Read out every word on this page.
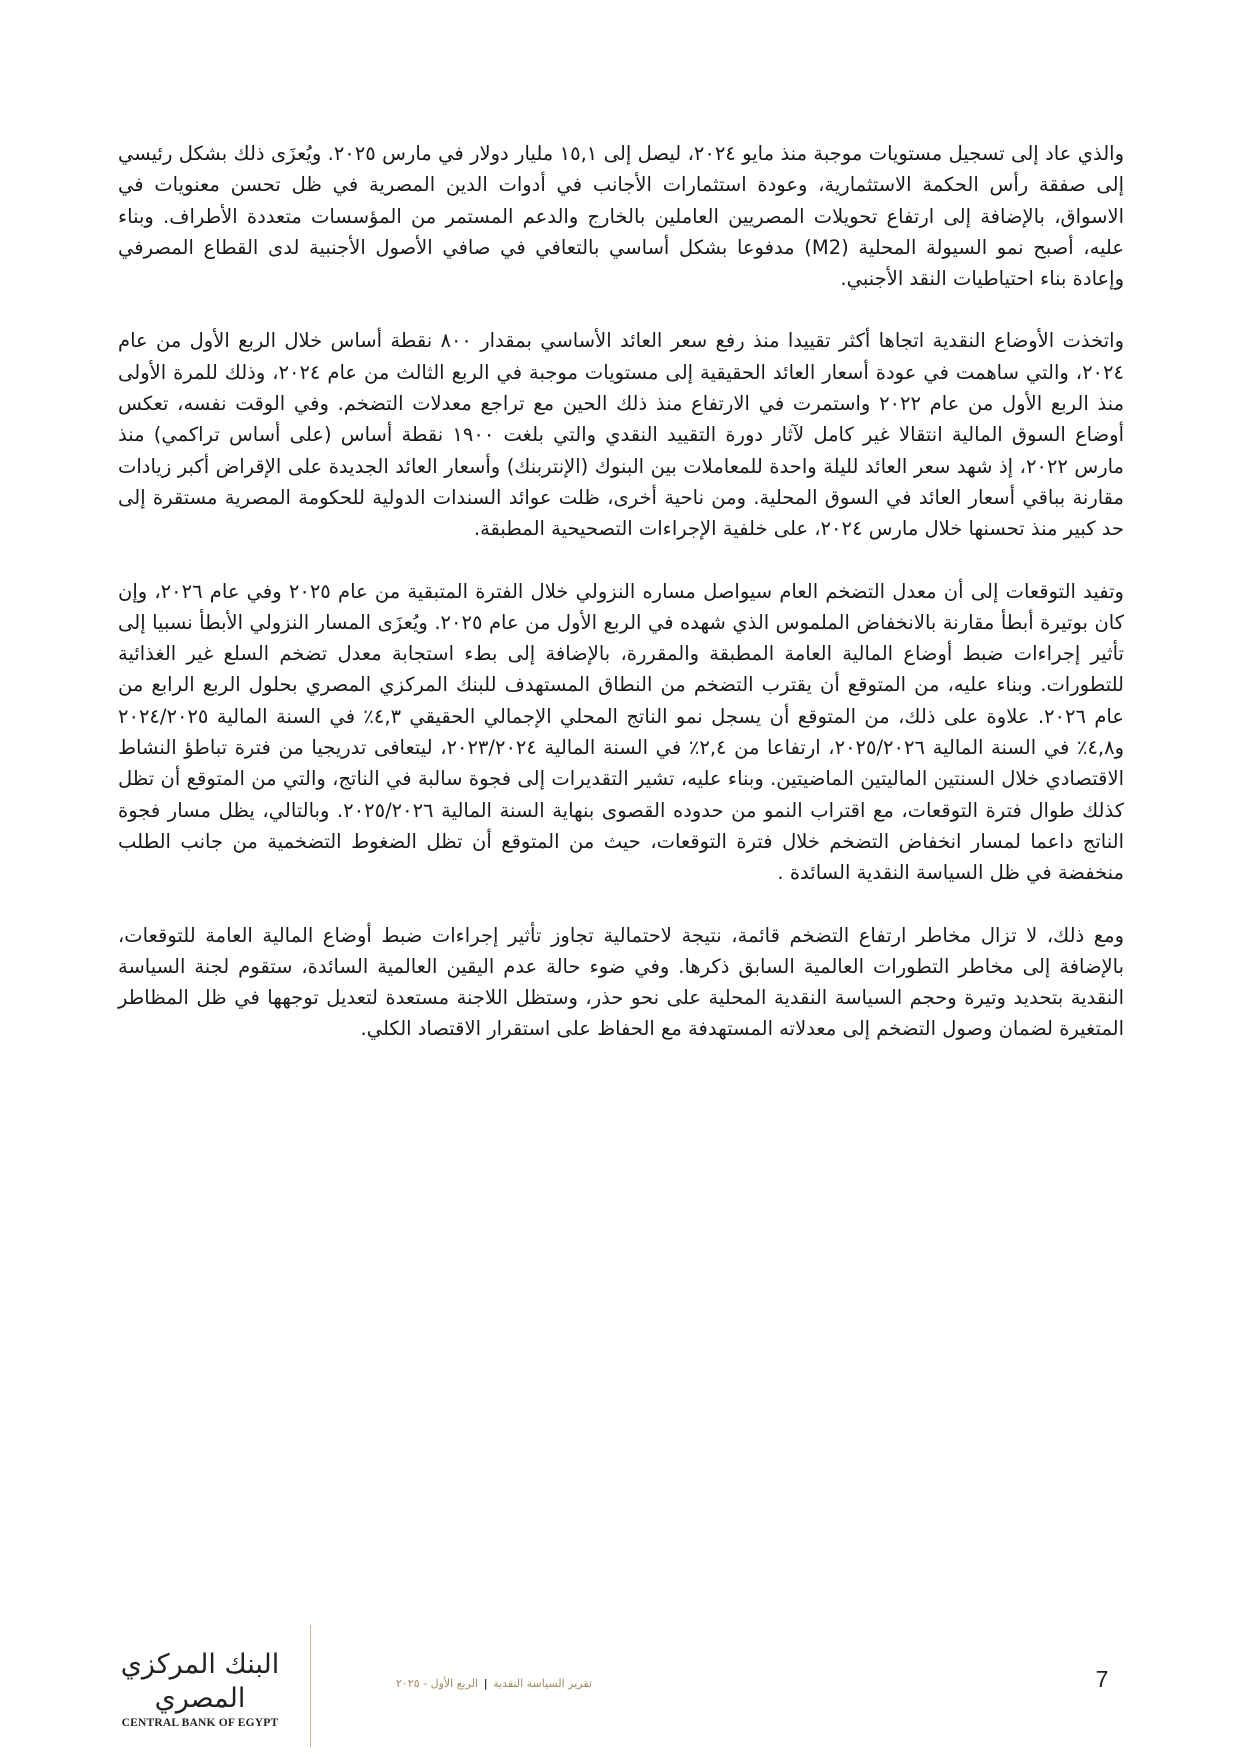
والذي عاد إلى تسجيل مستويات موجبة منذ مايو ٢٠٢٤، ليصل إلى ١٥,١ مليار دولار في مارس ٢٠٢٥. ويُعزَى ذلك بشكل رئيسي إلى صفقة رأس الحكمة الاستثمارية، وعودة استثمارات الأجانب في أدوات الدين المصرية في ظل تحسن معنويات في الاسواق، بالإضافة إلى ارتفاع تحويلات المصريين العاملين بالخارج والدعم المستمر من المؤسسات متعددة الأطراف. وبناء عليه، أصبح نمو السيولة المحلية (M2) مدفوعا بشكل أساسي بالتعافي في صافي الأصول الأجنبية لدى القطاع المصرفي وإعادة بناء احتياطيات النقد الأجنبي.

واتخذت الأوضاع النقدية اتجاها أكثر تقييدا منذ رفع سعر العائد الأساسي بمقدار ٨٠٠ نقطة أساس خلال الربع الأول من عام ٢٠٢٤، والتي ساهمت في عودة أسعار العائد الحقيقية إلى مستويات موجبة في الربع الثالث من عام ٢٠٢٤، وذلك للمرة الأولى منذ الربع الأول من عام ٢٠٢٢ واستمرت في الارتفاع منذ ذلك الحين مع تراجع معدلات التضخم. وفي الوقت نفسه، تعكس أوضاع السوق المالية انتقالا غير كامل لآثار دورة التقييد النقدي والتي بلغت ١٩٠٠ نقطة أساس (على أساس تراكمي) منذ مارس ٢٠٢٢، إذ شهد سعر العائد لليلة واحدة للمعاملات بين البنوك (الإنتربنك) وأسعار العائد الجديدة على الإقراض أكبر زيادات مقارنة بباقي أسعار العائد في السوق المحلية. ومن ناحية أخرى، ظلت عوائد السندات الدولية للحكومة المصرية مستقرة إلى حد كبير منذ تحسنها خلال مارس ٢٠٢٤، على خلفية الإجراءات التصحيحية المطبقة.

وتفيد التوقعات إلى أن معدل التضخم العام سيواصل مساره النزولي خلال الفترة المتبقية من عام ٢٠٢٥ وفي عام ٢٠٢٦، وإن كان بوتيرة أبطأ مقارنة بالانخفاض الملموس الذي شهده في الربع الأول من عام ٢٠٢٥. ويُعزَى المسار النزولي الأبطأ نسبيا إلى تأثير إجراءات ضبط أوضاع المالية العامة المطبقة والمقررة، بالإضافة إلى بطء استجابة معدل تضخم السلع غير الغذائية للتطورات. وبناء عليه، من المتوقع أن يقترب التضخم من النطاق المستهدف للبنك المركزي المصري بحلول الربع الرابع من عام ٢٠٢٦. علاوة على ذلك، من المتوقع أن يسجل نمو الناتج المحلي الإجمالي الحقيقي ٤,٣٪ في السنة المالية ٢٠٢٤/٢٠٢٥ و٤,٨٪ في السنة المالية ٢٠٢٥/٢٠٢٦، ارتفاعا من ٢,٤٪ في السنة المالية ٢٠٢٣/٢٠٢٤، ليتعافى تدريجيا من فترة تباطؤ النشاط الاقتصادي خلال السنتين الماليتين الماضيتين. وبناء عليه، تشير التقديرات إلى فجوة سالبة في الناتج، والتي من المتوقع أن تظل كذلك طوال فترة التوقعات، مع اقتراب النمو من حدوده القصوى بنهاية السنة المالية ٢٠٢٥/٢٠٢٦. وبالتالي، يظل مسار فجوة الناتج داعما لمسار انخفاض التضخم خلال فترة التوقعات، حيث من المتوقع أن تظل الضغوط التضخمية من جانب الطلب منخفضة في ظل السياسة النقدية السائدة .

ومع ذلك، لا تزال مخاطر ارتفاع التضخم قائمة، نتيجة لاحتمالية تجاوز تأثير إجراءات ضبط أوضاع المالية العامة للتوقعات، بالإضافة إلى مخاطر التطورات العالمية السابق ذكرها. وفي ضوء حالة عدم اليقين العالمية السائدة، ستقوم لجنة السياسة النقدية بتحديد وتيرة وحجم السياسة النقدية المحلية على نحو حذر، وستظل اللاجنة مستعدة لتعديل توجهها في ظل المظاطر المتغيرة لضمان وصول التضخم إلى معدلاته المستهدفة مع الحفاظ على استقرار الاقتصاد الكلي.

البنك المركزي المصري
CENTRAL BANK OF EGYPT
تقرير السياسة النقدية | الربع الأول - ٢٠٢٥	7
